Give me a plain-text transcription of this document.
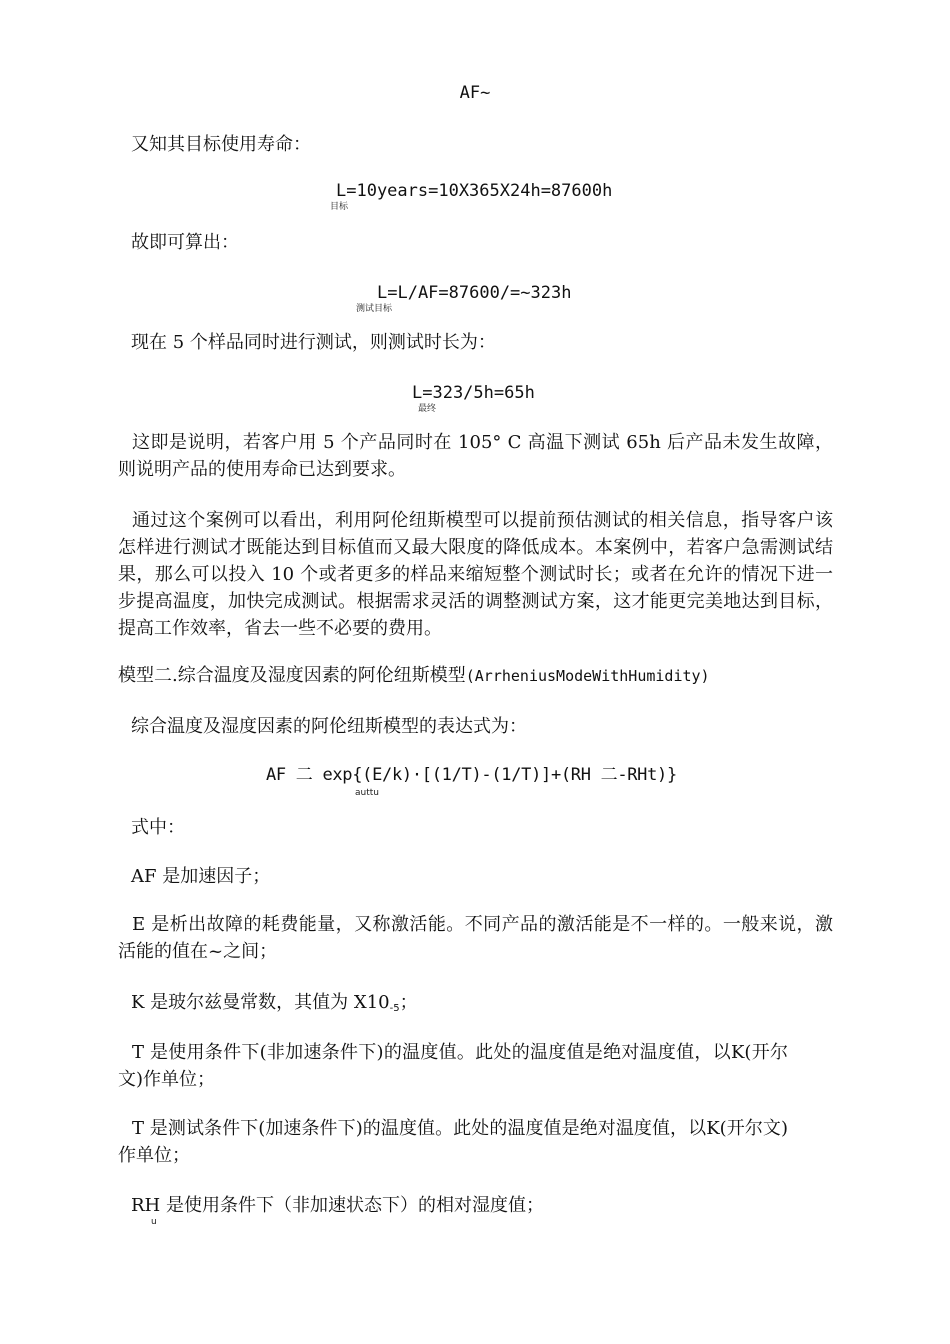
AF~
又知其目标使用寿命：
L=10years=10X365X24h=87600h
目标
故即可算出：
L=L/AF=87600/=~323h
测试目标
现在 5 个样品同时进行测试，则测试时长为：
L=323/5h=65h
最终
这即是说明，若客户用 5 个产品同时在 105° C 高温下测试 65h 后产品未发生故障，则说明产品的使用寿命已达到要求。
通过这个案例可以看出，利用阿伦纽斯模型可以提前预估测试的相关信息，指导客户该怎样进行测试才既能达到目标值而又最大限度的降低成本。本案例中，若客户急需测试结果，那么可以投入 10 个或者更多的样品来缩短整个测试时长；或者在允许的情况下进一步提高温度，加快完成测试。根据需求灵活的调整测试方案，这才能更完美地达到目标，提高工作效率，省去一些不必要的费用。
模型二.综合温度及湿度因素的阿伦纽斯模型(ArrheniusModeWithHumidity)
综合温度及湿度因素的阿伦纽斯模型的表达式为：
AF 二 exp{(E/k)·[(1/T)-(1/T)]+(RH 二-RHt)}
auttu
式中：
AF 是加速因子；
E 是析出故障的耗费能量，又称激活能。不同产品的激活能是不一样的。一般来说，激活能的值在~之间；
K 是玻尔兹曼常数，其值为 X10-5；
T 是使用条件下(非加速条件下)的温度值。此处的温度值是绝对温度值，以K(开尔文)作单位；
T 是测试条件下(加速条件下)的温度值。此处的温度值是绝对温度值，以K(开尔文)作单位；
RH 是使用条件下（非加速状态下）的相对湿度值；
u
